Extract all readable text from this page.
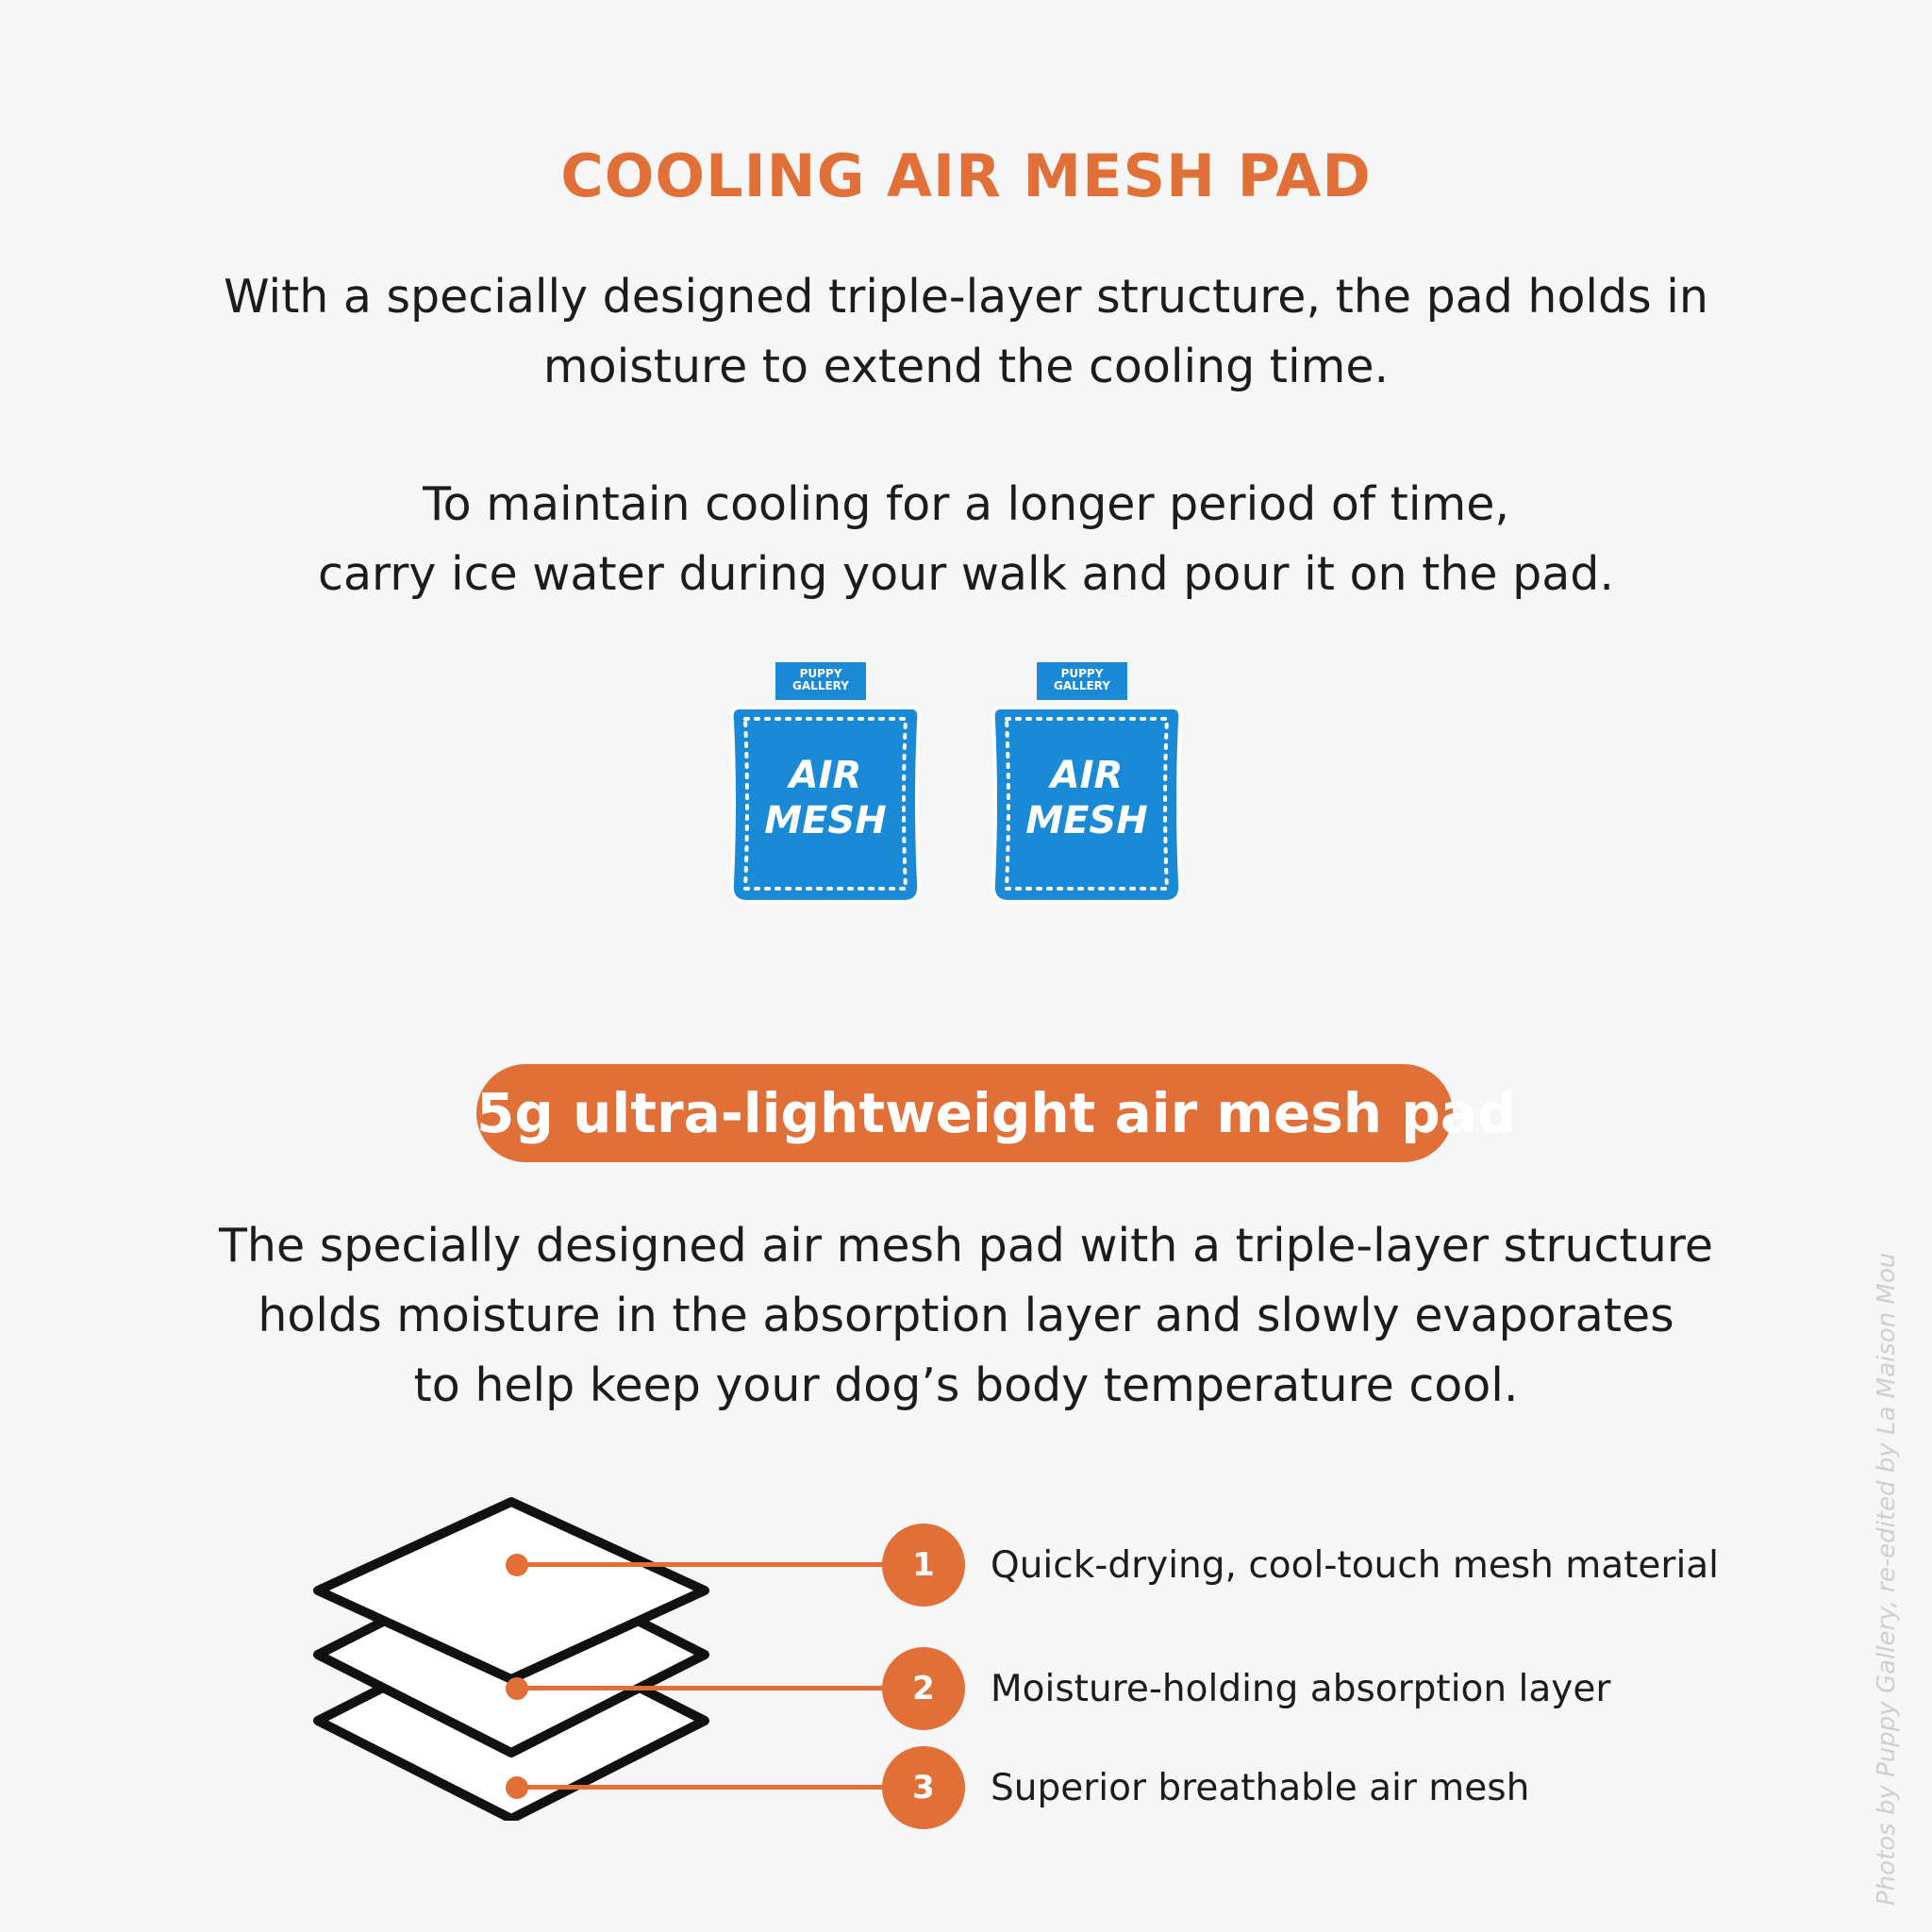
COOLING AIR MESH PAD

With a specially designed triple-layer structure, the pad holds in
moisture to extend the cooling time.

To maintain cooling for a longer period of time,
carry ice water during your walk and pour it on the pad.

PUPPY
GALLERY
AIR
MESH
PUPPY
GALLERY
AIR
MESH
5g ultra-lightweight air mesh pad

The specially designed air mesh pad with a triple-layer structure
holds moisture in the absorption layer and slowly evaporates
to help keep your dog’s body temperature cool.

1	Quick-drying, cool-touch mesh material
2	Moisture-holding absorption layer
3	Superior breathable air mesh	Photos by Puppy Gallery, re-edited by La Maison Mou
